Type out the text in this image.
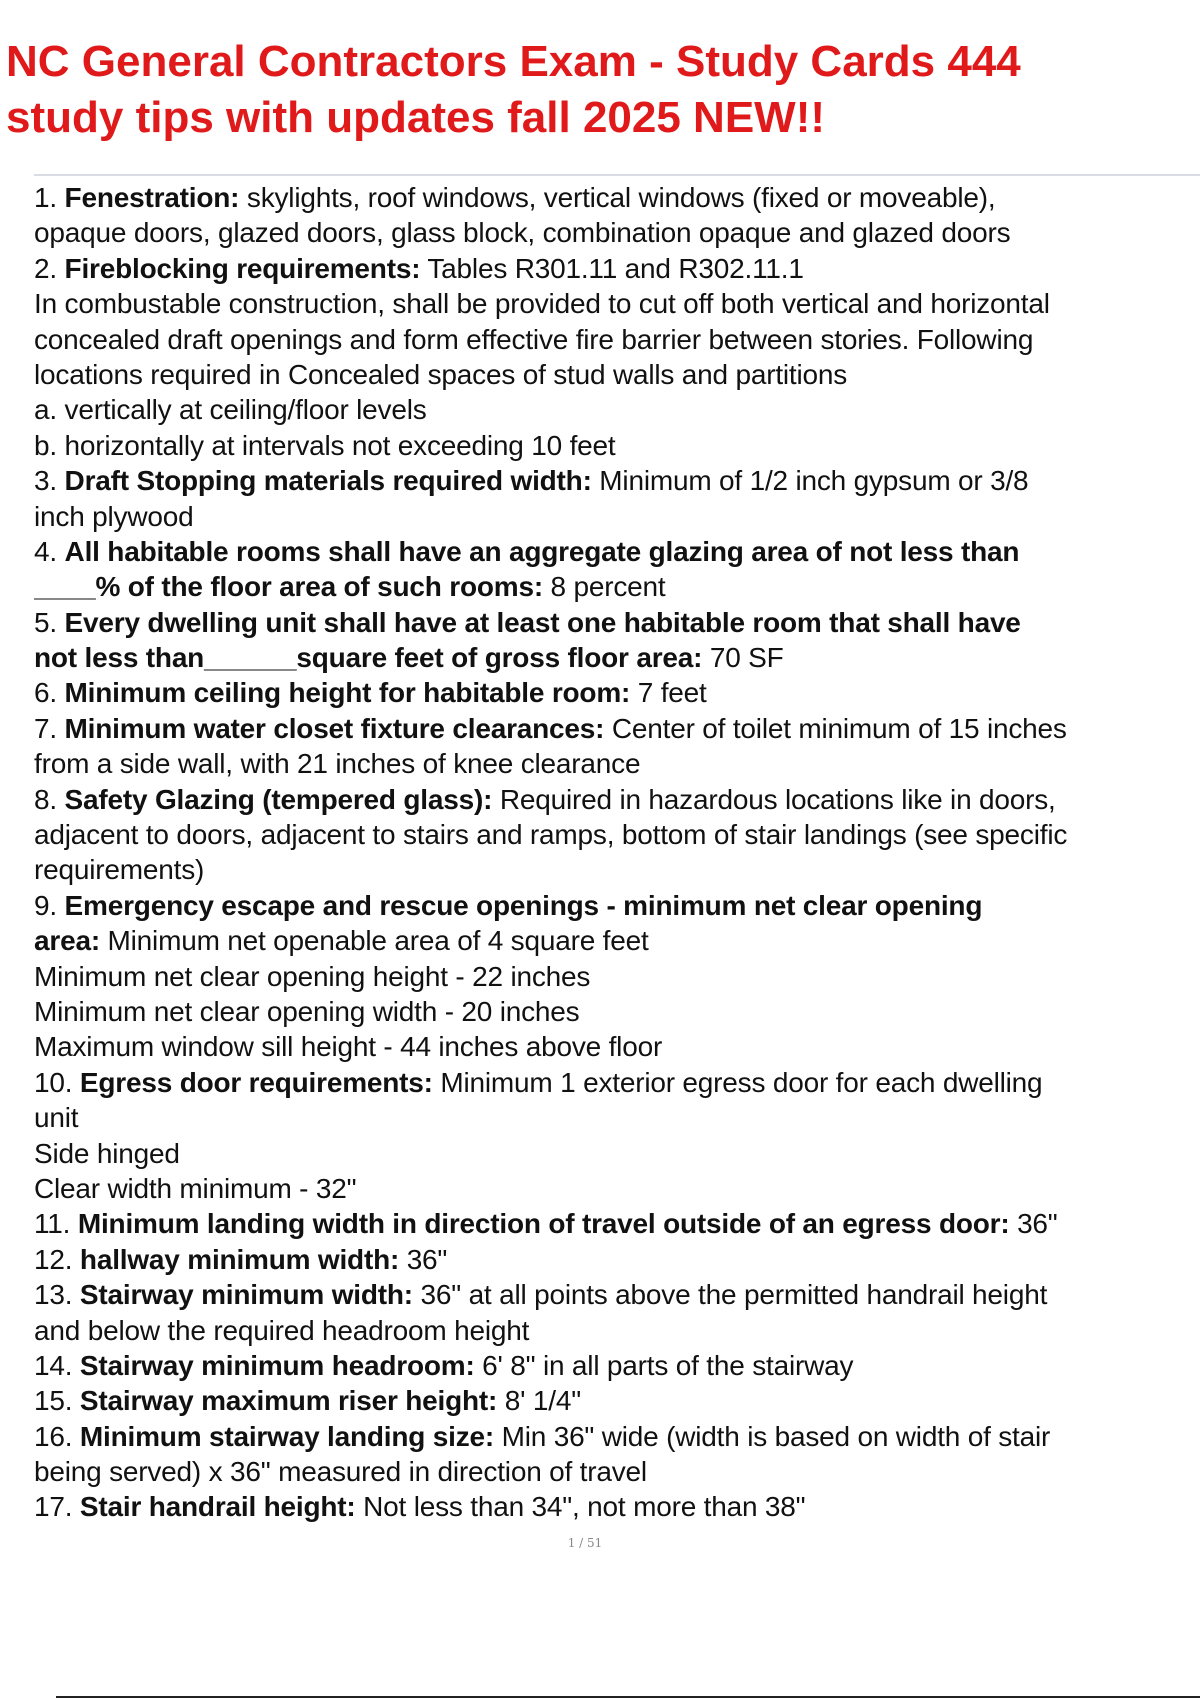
NC General Contractors Exam - Study Cards 444
study tips with updates fall 2025 NEW!!
1. Fenestration: skylights, roof windows, vertical windows (fixed or moveable),
opaque doors, glazed doors, glass block, combination opaque and glazed doors
2. Fireblocking requirements: Tables R301.11 and R302.11.1
In combustable construction, shall be provided to cut off both vertical and horizontal
concealed draft openings and form effective fire barrier between stories. Following
locations required in Concealed spaces of stud walls and partitions
a. vertically at ceiling/floor levels
b. horizontally at intervals not exceeding 10 feet
3. Draft Stopping materials required width: Minimum of 1/2 inch gypsum or 3/8
inch plywood
4. All habitable rooms shall have an aggregate glazing area of not less than
____% of the floor area of such rooms: 8 percent
5. Every dwelling unit shall have at least one habitable room that shall have
not less than______square feet of gross floor area: 70 SF
6. Minimum ceiling height for habitable room: 7 feet
7. Minimum water closet fixture clearances: Center of toilet minimum of 15 inches
from a side wall, with 21 inches of knee clearance
8. Safety Glazing (tempered glass): Required in hazardous locations like in doors,
adjacent to doors, adjacent to stairs and ramps, bottom of stair landings (see specific
requirements)
9. Emergency escape and rescue openings - minimum net clear opening
area: Minimum net openable area of 4 square feet
Minimum net clear opening height - 22 inches
Minimum net clear opening width - 20 inches
Maximum window sill height - 44 inches above floor
10. Egress door requirements: Minimum 1 exterior egress door for each dwelling
unit
Side hinged
Clear width minimum - 32"
11. Minimum landing width in direction of travel outside of an egress door: 36"
12. hallway minimum width: 36"
13. Stairway minimum width: 36" at all points above the permitted handrail height
and below the required headroom height
14. Stairway minimum headroom: 6' 8" in all parts of the stairway
15. Stairway maximum riser height: 8' 1/4"
16. Minimum stairway landing size: Min 36" wide (width is based on width of stair
being served) x 36" measured in direction of travel
17. Stair handrail height: Not less than 34", not more than 38"
1 / 51
